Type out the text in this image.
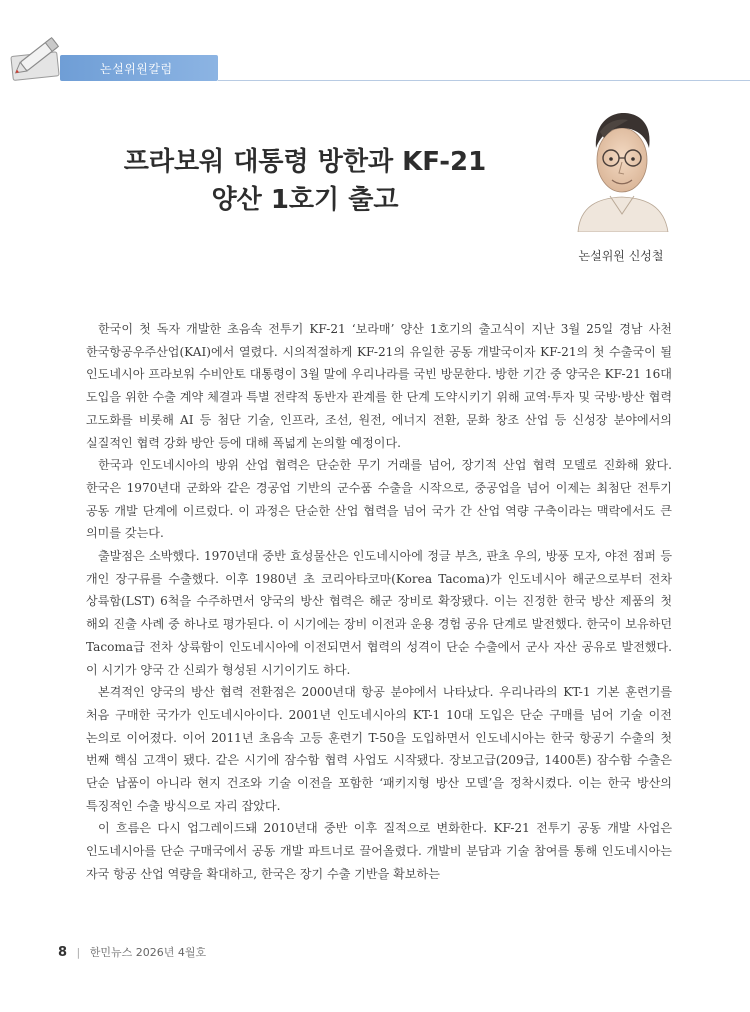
논설위원칼럼
프라보워 대통령 방한과 KF-21
양산 1호기 출고
논설위원 신성철

한국이 첫 독자 개발한 초음속 전투기 KF-21 ‘보라매’ 양산 1호기의 출고식이 지난 3월 25일 경남 사천 한국항공우주산업(KAI)에서 열렸다. 시의적절하게 KF-21의 유일한 공동 개발국이자 KF-21의 첫 수출국이 될 인도네시아 프라보워 수비안토 대통령이 3월 말에 우리나라를 국빈 방문한다. 방한 기간 중 양국은 KF-21 16대 도입을 위한 수출 계약 체결과 특별 전략적 동반자 관계를 한 단계 도약시키기 위해 교역·투자 및 국방·방산 협력 고도화를 비롯해 AI 등 첨단 기술, 인프라, 조선, 원전, 에너지 전환, 문화 창조 산업 등 신성장 분야에서의 실질적인 협력 강화 방안 등에 대해 폭넓게 논의할 예정이다.

한국과 인도네시아의 방위 산업 협력은 단순한 무기 거래를 넘어, 장기적 산업 협력 모델로 진화해 왔다. 한국은 1970년대 군화와 같은 경공업 기반의 군수품 수출을 시작으로, 중공업을 넘어 이제는 최첨단 전투기 공동 개발 단계에 이르렀다. 이 과정은 단순한 산업 협력을 넘어 국가 간 산업 역량 구축이라는 맥락에서도 큰 의미를 갖는다.

출발점은 소박했다. 1970년대 중반 효성물산은 인도네시아에 정글 부츠, 판초 우의, 방풍 모자, 야전 점퍼 등 개인 장구류를 수출했다. 이후 1980년 초 코리아타코마(Korea Tacoma)가 인도네시아 해군으로부터 전차 상륙함(LST) 6척을 수주하면서 양국의 방산 협력은 해군 장비로 확장됐다. 이는 진정한 한국 방산 제품의 첫 해외 진출 사례 중 하나로 평가된다. 이 시기에는 장비 이전과 운용 경험 공유 단계로 발전했다. 한국이 보유하던 Tacoma급 전차 상륙함이 인도네시아에 이전되면서 협력의 성격이 단순 수출에서 군사 자산 공유로 발전했다. 이 시기가 양국 간 신뢰가 형성된 시기이기도 하다.

본격적인 양국의 방산 협력 전환점은 2000년대 항공 분야에서 나타났다. 우리나라의 KT-1 기본 훈련기를 처음 구매한 국가가 인도네시아이다. 2001년 인도네시아의 KT-1 10대 도입은 단순 구매를 넘어 기술 이전 논의로 이어졌다. 이어 2011년 초음속 고등 훈련기 T-50을 도입하면서 인도네시아는 한국 항공기 수출의 첫 번째 핵심 고객이 됐다. 같은 시기에 잠수함 협력 사업도 시작됐다. 장보고급(209급, 1400톤) 잠수함 수출은 단순 납품이 아니라 현지 건조와 기술 이전을 포함한 ‘패키지형 방산 모델’을 정착시켰다. 이는 한국 방산의 특징적인 수출 방식으로 자리 잡았다.

이 흐름은 다시 업그레이드돼 2010년대 중반 이후 질적으로 변화한다. KF-21 전투기 공동 개발 사업은 인도네시아를 단순 구매국에서 공동 개발 파트너로 끌어올렸다. 개발비 분담과 기술 참여를 통해 인도네시아는 자국 항공 산업 역량을 확대하고, 한국은 장기 수출 기반을 확보하는

8 | 한민뉴스 2026년 4월호
